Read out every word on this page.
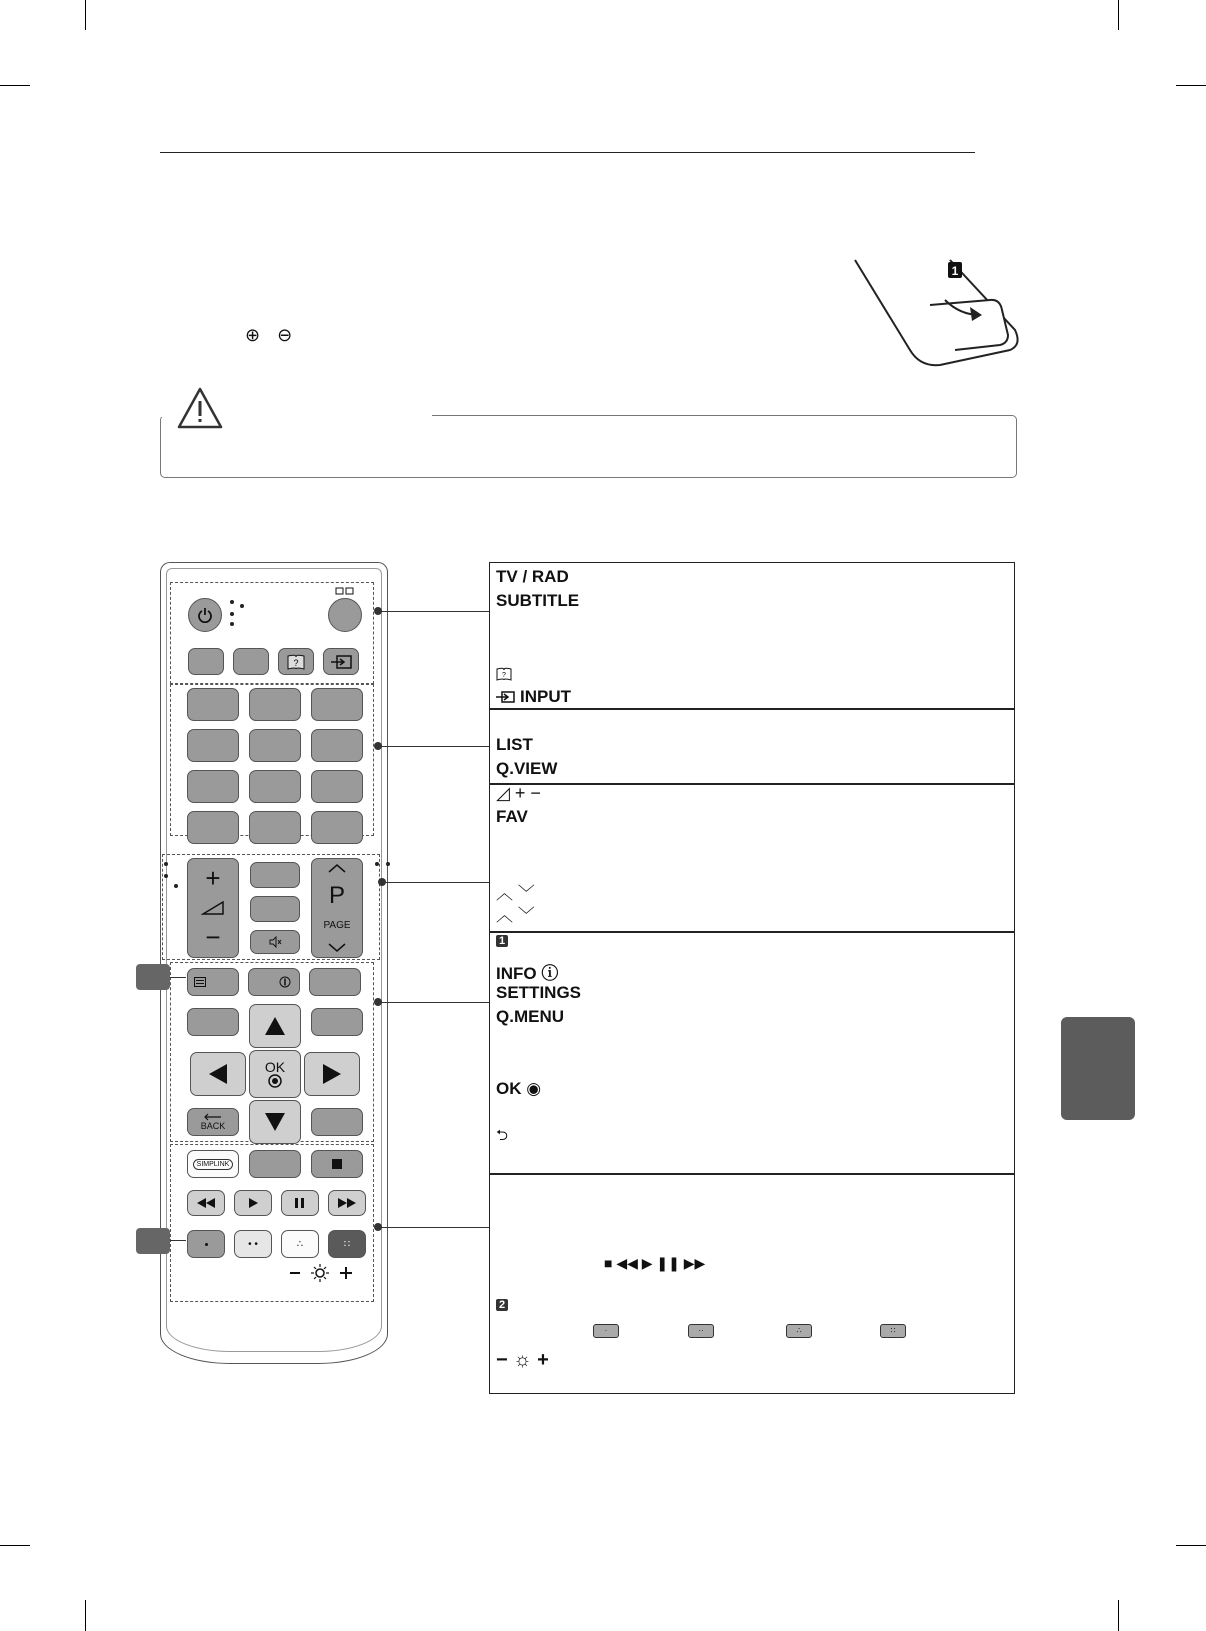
⊕ ⊖
1
?
+
−
P
PAGE
OK
BACK
SIMPLINK
• •	∴	∷
TV / RAD
SUBTITLE
?
INPUT
LIST
Q.VIEW
◿ + −
FAV
︿ ﹀
︿ ﹀
1
INFO ⓘ
SETTINGS
Q.MENU
OK ◉
⮌
■ ◀◀ ▶ ❚❚ ▶▶
2
·	··	∴	∷
− ☼ +
